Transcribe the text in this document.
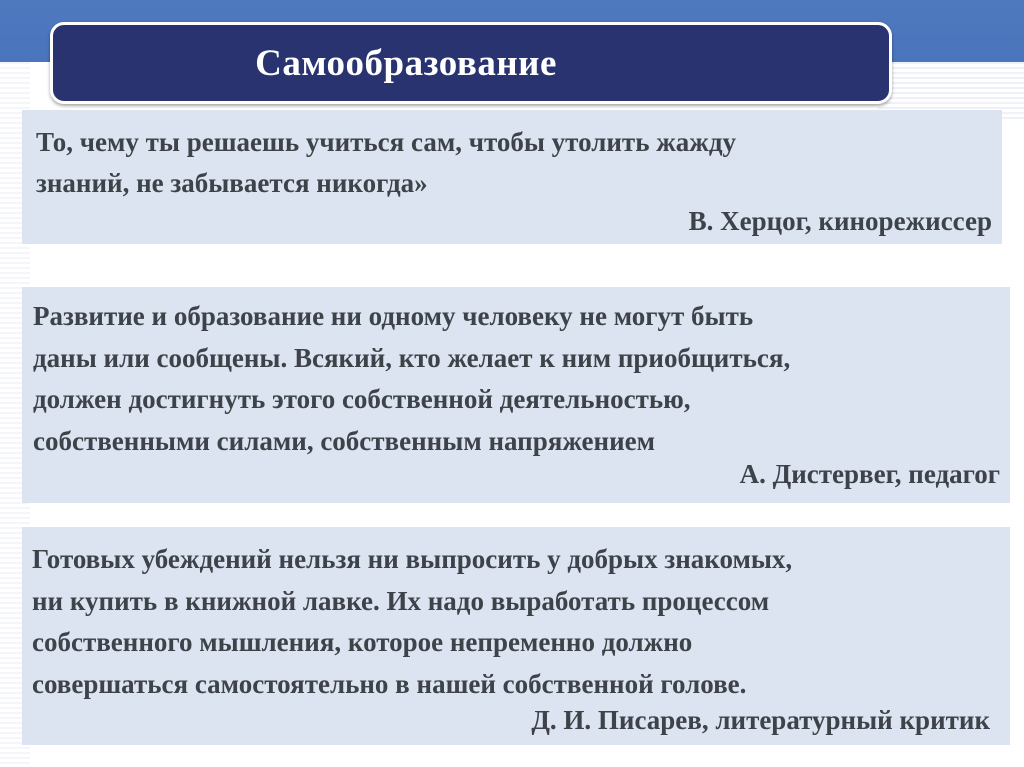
Самообразование
То, чему ты решаешь учиться сам, чтобы утолить жажду
знаний, не забывается никогда»
В. Херцог, кинорежиссер
Развитие и образование ни одному человеку не могут быть
даны или сообщены. Всякий, кто желает к ним приобщиться,
должен достигнуть этого собственной деятельностью,
собственными силами, собственным напряжением
А. Дистервег, педагог
Готовых убеждений нельзя ни выпросить у добрых знакомых,
ни купить в книжной лавке. Их надо выработать процессом
собственного мышления, которое непременно должно
совершаться самостоятельно в нашей собственной голове.
Д. И. Писарев, литературный критик
